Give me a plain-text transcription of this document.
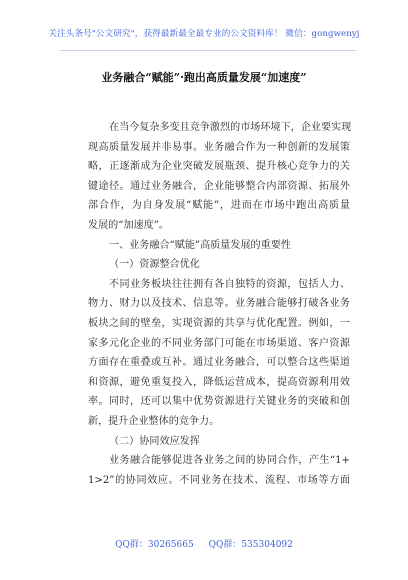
关注头条号"公文研究"，获得最新最全最专业的公文资料库！ 微信：gongwenyj
业务融合“赋能”·跑出高质量发展“加速度”
在当今复杂多变且竞争激烈的市场环境下，企业要实现
现高质量发展并非易事。业务融合作为一种创新的发展策
略，正逐渐成为企业突破发展瓶颈、提升核心竞争力的关
键途径。通过业务融合，企业能够整合内部资源、拓展外
部合作，为自身发展“赋能”，进而在市场中跑出高质量
发展的“加速度”。
一、业务融合“赋能”高质量发展的重要性
（一）资源整合优化
不同业务板块往往拥有各自独特的资源，包括人力、
物力、财力以及技术、信息等。业务融合能够打破各业务
板块之间的壁垒，实现资源的共享与优化配置。例如，一
家多元化企业的不同业务部门可能在市场渠道、客户资源
方面存在重叠或互补。通过业务融合，可以整合这些渠道
和资源，避免重复投入，降低运营成本，提高资源利用效
率。同时，还可以集中优势资源进行关键业务的突破和创
新，提升企业整体的竞争力。
（二）协同效应发挥
业务融合能够促进各业务之间的协同合作，产生“1+
1>2”的协同效应。不同业务在技术、流程、市场等方面
QQ群：30265665 QQ群：535304092
